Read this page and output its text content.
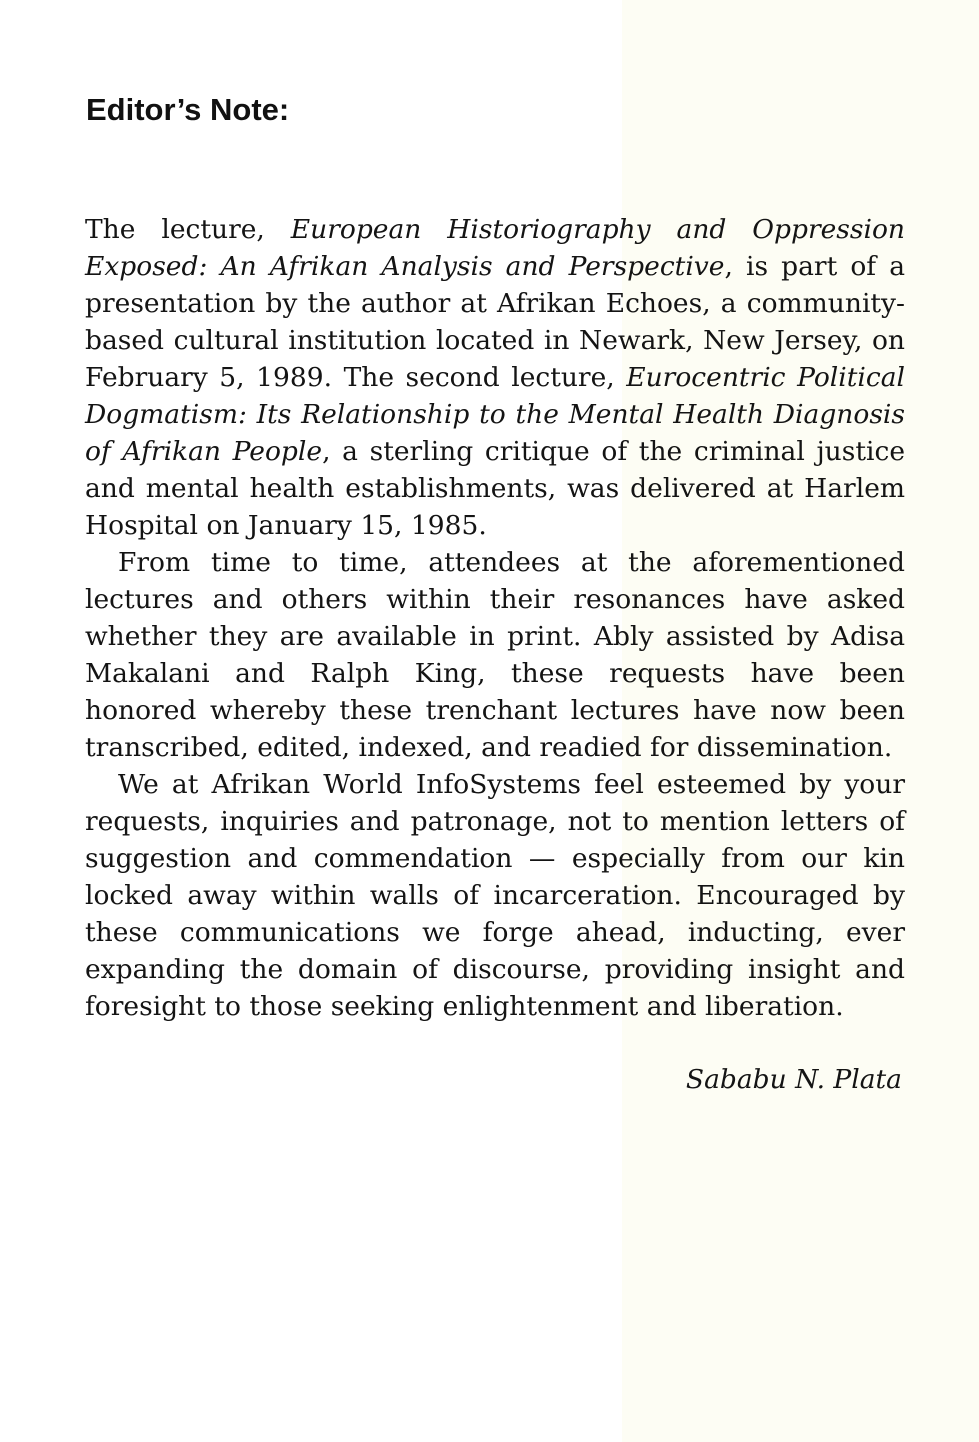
Editor’s Note:

The lecture, European Historiography and Oppression Exposed: An Afrikan Analysis and Perspective, is part of a presentation by the author at Afrikan Echoes, a community-based cultural institution located in Newark, New Jersey, on February 5, 1989. The second lecture, Eurocentric Political Dogmatism: Its Relationship to the Mental Health Diagnosis of Afrikan People, a sterling critique of the criminal justice and mental health establishments, was delivered at Harlem Hospital on January 15, 1985.

From time to time, attendees at the aforementioned lectures and others within their resonances have asked whether they are available in print. Ably assisted by Adisa Makalani and Ralph King, these requests have been honored whereby these trenchant lectures have now been transcribed, edited, indexed, and readied for dissemination.

We at Afrikan World InfoSystems feel esteemed by your requests, inquiries and patronage, not to mention letters of suggestion and commendation — especially from our kin locked away within walls of incarceration. Encouraged by these communications we forge ahead, inducting, ever expanding the domain of discourse, providing insight and foresight to those seeking enlightenment and liberation.

Sababu N. Plata
